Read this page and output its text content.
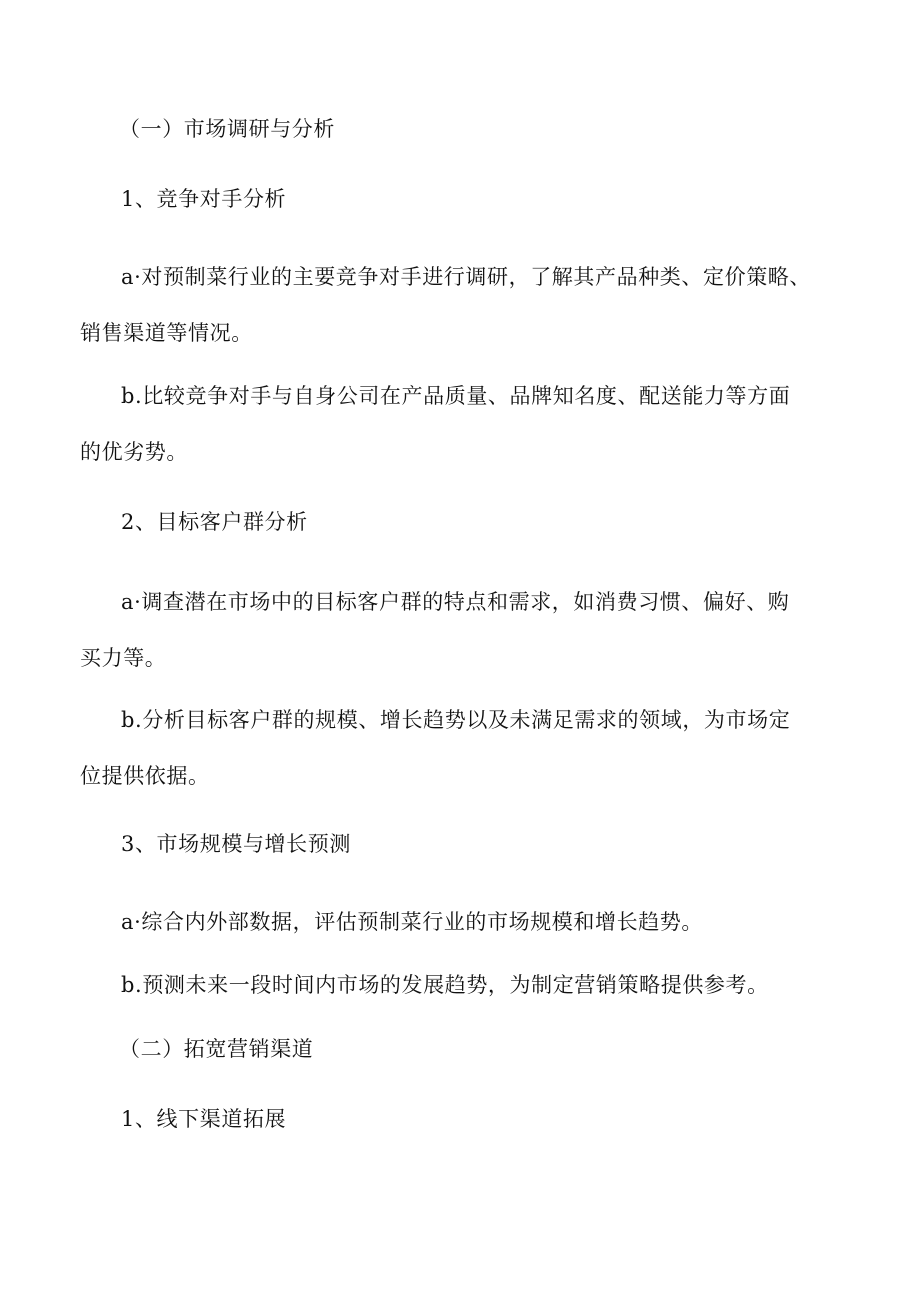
（一）市场调研与分析
1、竞争对手分析
a·对预制菜行业的主要竞争对手进行调研，了解其产品种类、定价策略、
销售渠道等情况。
b.比较竞争对手与自身公司在产品质量、品牌知名度、配送能力等方面
的优劣势。
2、目标客户群分析
a·调查潜在市场中的目标客户群的特点和需求，如消费习惯、偏好、购
买力等。
b.分析目标客户群的规模、增长趋势以及未满足需求的领域，为市场定
位提供依据。
3、市场规模与增长预测
a·综合内外部数据，评估预制菜行业的市场规模和增长趋势。
b.预测未来一段时间内市场的发展趋势，为制定营销策略提供参考。
（二）拓宽营销渠道
1、线下渠道拓展
